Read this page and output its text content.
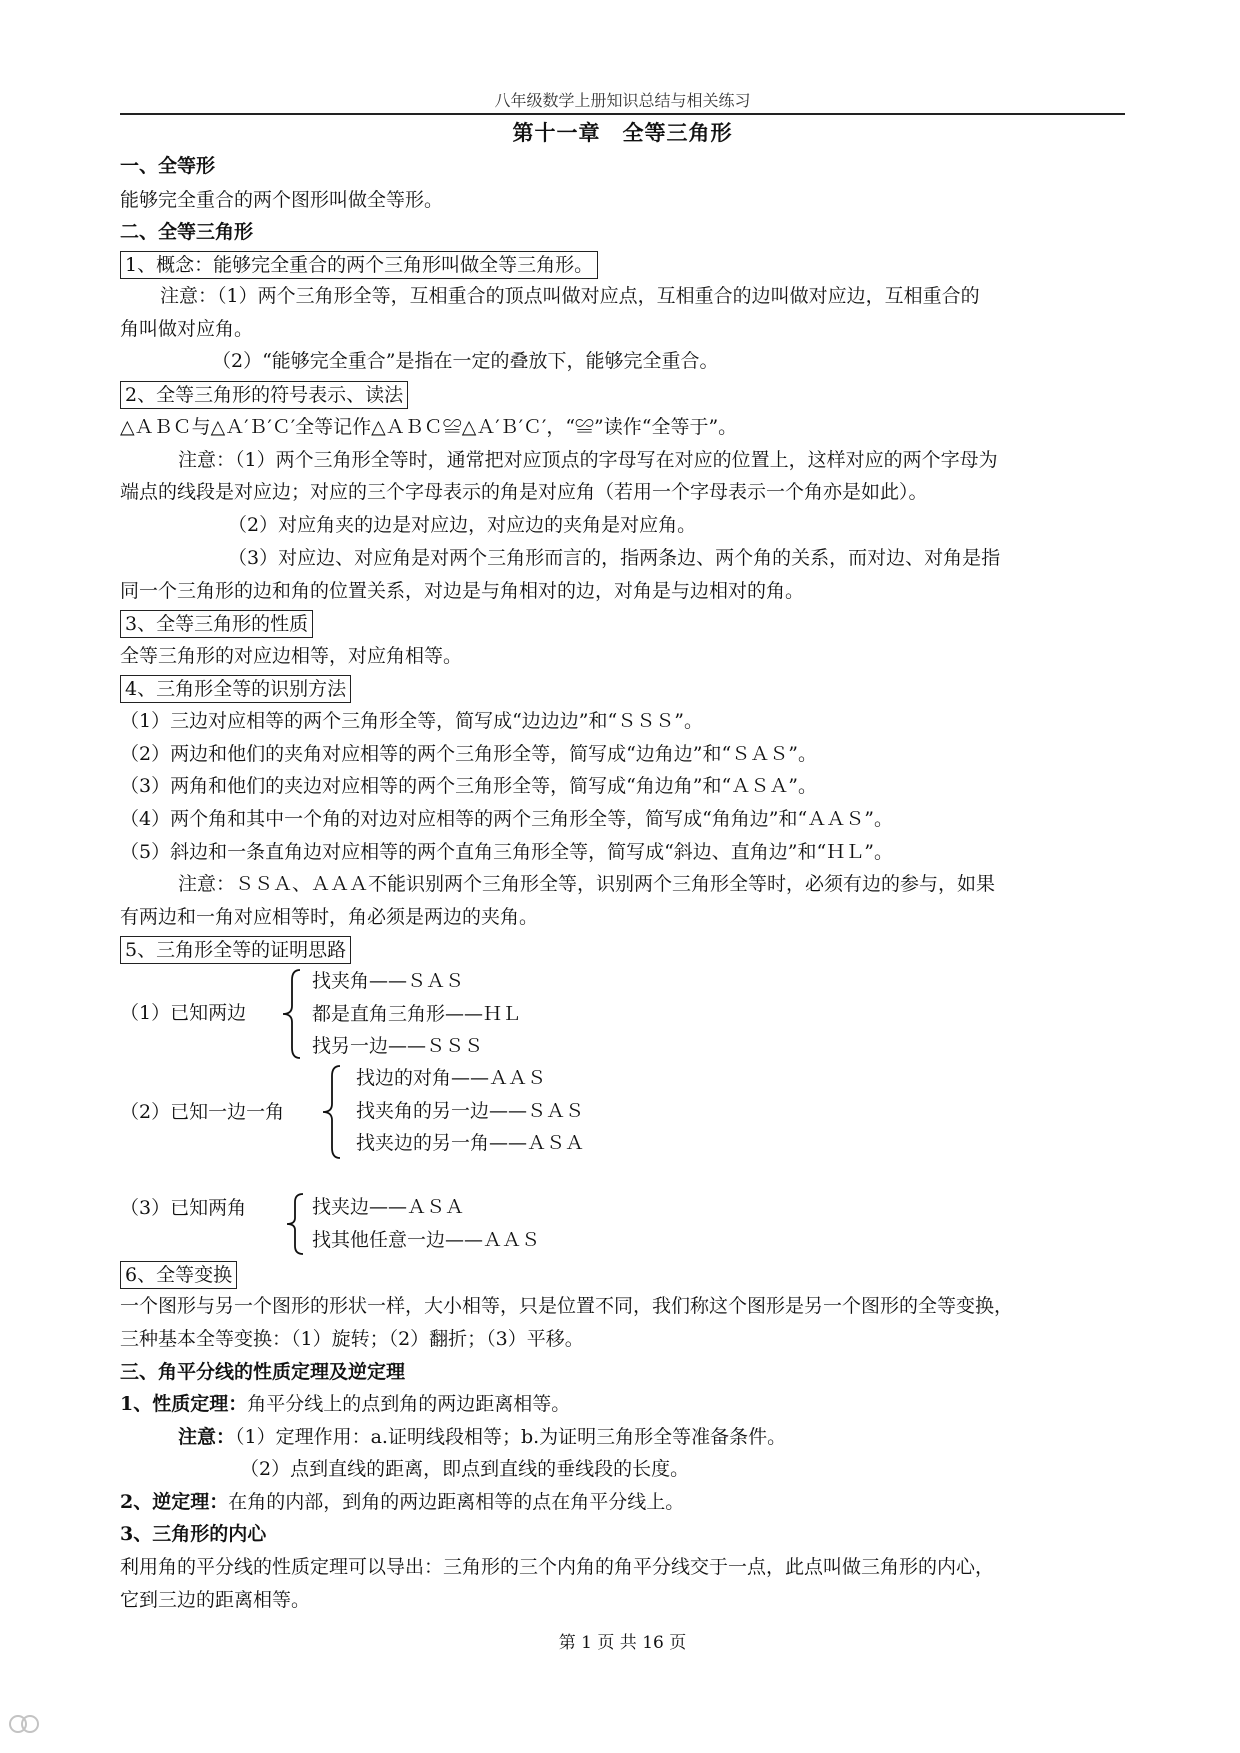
八年级数学上册知识总结与相关练习
第十一章　全等三角形
一、全等形
能够完全重合的两个图形叫做全等形。
二、全等三角形
1、概念：能够完全重合的两个三角形叫做全等三角形。
注意：（1）两个三角形全等，互相重合的顶点叫做对应点，互相重合的边叫做对应边，互相重合的
角叫做对应角。
（2）“能够完全重合”是指在一定的叠放下，能够完全重合。
2、全等三角形的符号表示、读法
△ＡＢＣ与△Ａ′Ｂ′Ｃ′全等记作△ＡＢＣ≌△Ａ′Ｂ′Ｃ′，“≌”读作“全等于”。
注意：（1）两个三角形全等时，通常把对应顶点的字母写在对应的位置上，这样对应的两个字母为
端点的线段是对应边；对应的三个字母表示的角是对应角（若用一个字母表示一个角亦是如此）。
（2）对应角夹的边是对应边，对应边的夹角是对应角。
（3）对应边、对应角是对两个三角形而言的，指两条边、两个角的关系，而对边、对角是指
同一个三角形的边和角的位置关系，对边是与角相对的边，对角是与边相对的角。
3、全等三角形的性质
全等三角形的对应边相等，对应角相等。
4、三角形全等的识别方法
（1）三边对应相等的两个三角形全等，简写成“边边边”和“ＳＳＳ”。
（2）两边和他们的夹角对应相等的两个三角形全等，简写成“边角边”和“ＳＡＳ”。
（3）两角和他们的夹边对应相等的两个三角形全等，简写成“角边角”和“ＡＳＡ”。
（4）两个角和其中一个角的对边对应相等的两个三角形全等，简写成“角角边”和“ＡＡＳ”。
（5）斜边和一条直角边对应相等的两个直角三角形全等，简写成“斜边、直角边”和“ＨＬ”。
注意：ＳＳＡ、ＡＡＡ不能识别两个三角形全等，识别两个三角形全等时，必须有边的参与，如果
有两边和一角对应相等时，角必须是两边的夹角。
5、三角形全等的证明思路
（1）已知两边
找夹角——ＳＡＳ
都是直角三角形——ＨＬ
找另一边——ＳＳＳ
（2）已知一边一角
找边的对角——ＡＡＳ
找夹角的另一边——ＳＡＳ
找夹边的另一角——ＡＳＡ
（3）已知两角	找夹边——ＡＳＡ
找其他任意一边——ＡＡＳ
6、全等变换
一个图形与另一个图形的形状一样，大小相等，只是位置不同，我们称这个图形是另一个图形的全等变换，
三种基本全等变换：（1）旋转；（2）翻折；（3）平移。
三、角平分线的性质定理及逆定理
1、性质定理：角平分线上的点到角的两边距离相等。
注意：（1）定理作用：a.证明线段相等；b.为证明三角形全等准备条件。
（2）点到直线的距离，即点到直线的垂线段的长度。
2、逆定理：在角的内部，到角的两边距离相等的点在角平分线上。
3、三角形的内心
利用角的平分线的性质定理可以导出：三角形的三个内角的角平分线交于一点，此点叫做三角形的内心，
它到三边的距离相等。
第 1 页 共 16 页
